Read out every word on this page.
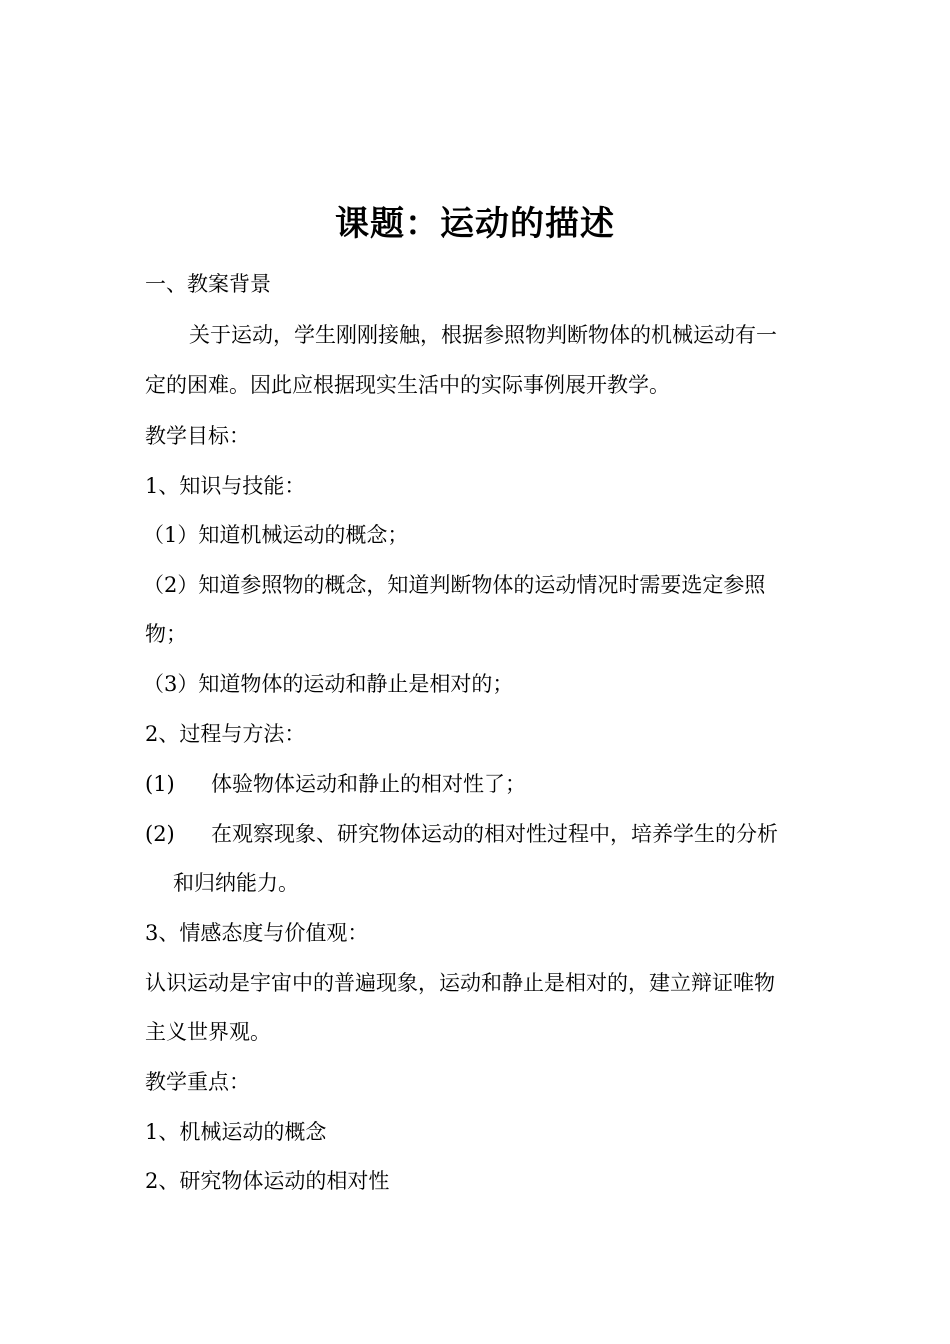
课题：运动的描述
一、教案背景
关于运动，学生刚刚接触，根据参照物判断物体的机械运动有一
定的困难。因此应根据现实生活中的实际事例展开教学。
教学目标：
1、知识与技能：
（1）知道机械运动的概念；
（2）知道参照物的概念，知道判断物体的运动情况时需要选定参照
物；
（3）知道物体的运动和静止是相对的；
2、过程与方法：
(1) 体验物体运动和静止的相对性了；
(2) 在观察现象、研究物体运动的相对性过程中，培养学生的分析
和归纳能力。
3、情感态度与价值观：
认识运动是宇宙中的普遍现象，运动和静止是相对的，建立辩证唯物
主义世界观。
教学重点：
1、机械运动的概念
2、研究物体运动的相对性
